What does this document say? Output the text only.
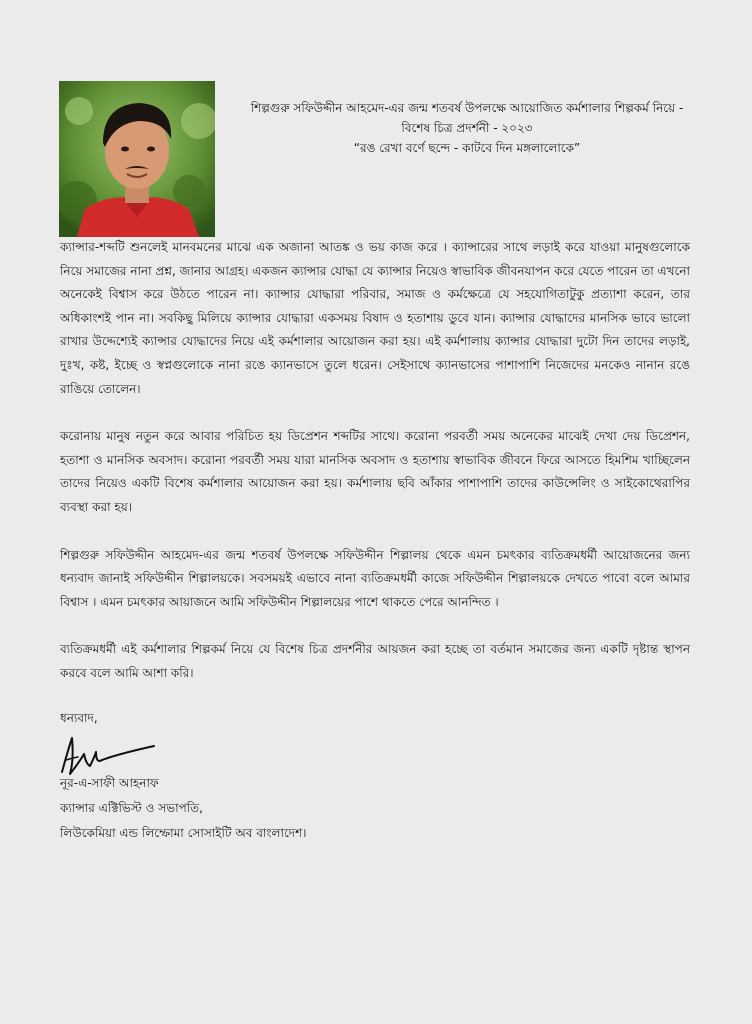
শিল্পগুরু সফিউদ্দীন আহমেদ-এর জন্ম শতবর্ষ উপলক্ষে আয়োজিত কর্মশালার শিল্পকর্ম নিয়ে -
বিশেষ চিত্র প্রদর্শনী - ২০২৩
“রঙ রেখা বর্ণে ছন্দে - কাটবে দিন মঙ্গলালোকে”

ক্যান্সার-শব্দটি শুনলেই মানবমনের মাঝে এক অজানা আতঙ্ক ও ভয় কাজ করে । ক্যান্সারের সাথে লড়াই করে যাওয়া মানুষগুলোকে নিয়ে সমাজের নানা প্রশ্ন, জানার আগ্রহ। একজন ক্যান্সার যোদ্ধা যে ক্যান্সার নিয়েও স্বাভাবিক জীবনযাপন করে যেতে পারেন তা এখনো অনেকেই বিশ্বাস করে উঠতে পারেন না। ক্যান্সার যোদ্ধারা পরিবার, সমাজ ও কর্মক্ষেত্রে যে সহযোগিতাটুকু প্রত্যাশা করেন, তার অধিকাংশই পান না। সবকিছু মিলিয়ে ক্যান্সার যোদ্ধারা একসময় বিষাদ ও হতাশায় ডুবে যান। ক্যান্সার যোদ্ধাদের মানসিক ভাবে ভালো রাখার উদ্দেশ্যেই ক্যান্সার যোদ্ধাদের নিয়ে এই কর্মশালার আয়োজন করা হয়। এই কর্মশালায় ক্যান্সার যোদ্ধারা দুটো দিন তাদের লড়াই, দুঃখ, কষ্ট, ইচ্ছে ও স্বপ্নগুলোকে নানা রঙে ক্যানভাসে তুলে ধরেন। সেইসাথে ক্যানভাসের পাশাপাশি নিজেদের মনকেও নানান রঙে রাঙিয়ে তোলেন।

করোনায় মানুষ নতুন করে আবার পরিচিত হয় ডিপ্রেশন শব্দটির সাথে। করোনা পরবর্তী সময় অনেকের মাঝেই দেখা দেয় ডিপ্রেশন, হতাশা ও মানসিক অবসাদ। করোনা পরবর্তী সময় যারা মানসিক অবসাদ ও হতাশায় স্বাভাবিক জীবনে ফিরে আসতে হিমশিম খাচ্ছিলেন তাদের নিয়েও একটি বিশেষ কর্মশালার আয়োজন করা হয়। কর্মশালায় ছবি আঁকার পাশাপাশি তাদের কাউন্সেলিং ও সাইকোথেরাপির ব্যবস্থা করা হয়।

শিল্পগুরু সফিউদ্দীন আহমেদ-এর জন্ম শতবর্ষ উপলক্ষে সফিউদ্দীন শিল্পালয় থেকে এমন চমৎকার ব্যতিক্রমধর্মী আয়োজনের জন্য ধন্যবাদ জানাই সফিউদ্দীন শিল্পালয়কে। সবসময়ই এভাবে নানা ব্যতিক্রমধর্মী কাজে সফিউদ্দীন শিল্পালয়কে দেখতে পাবো বলে আমার বিশ্বাস । এমন চমৎকার আয়াজনে আমি সফিউদ্দীন শিল্পালয়ের পাশে থাকতে পেরে আনন্দিত ।

ব্যতিক্রমধর্মী এই কর্মশালার শিল্পকর্ম নিয়ে যে বিশেষ চিত্র প্রদর্শনীর আয়জন করা হচ্ছে তা বর্তমান সমাজের জন্য একটি দৃষ্টান্ত স্থাপন করবে বলে আমি আশা করি।

ধন্যবাদ,
নূর-এ-সাফী আহনাফ
ক্যান্সার এক্টিভিস্ট ও সভাপতি,
লিউকেমিয়া এন্ড লিম্ফোমা সোসাইটি অব বাংলাদেশ।
